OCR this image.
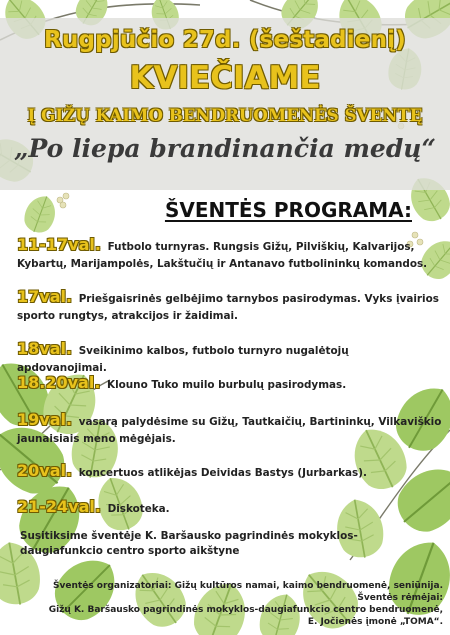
Rugpjūčio 27d. (šeštadienį)
KVIEČIAME
Į GIŽŲ KAIMO BENDRUOMENĖS ŠVENTĘ
„Po liepa brandinančia medų“
ŠVENTĖS PROGRAMA:
11-17val. Futbolo turnyras. Rungsis Gižų, Pilviškių, Kalvarijos, Kybartų, Marijampolės, Lakštučių ir Antanavo futbolininkų komandos.
17val. Priešgaisrinės gelbėjimo tarnybos pasirodymas. Vyks įvairios sporto rungtys, atrakcijos ir žaidimai.
18val. Sveikinimo kalbos, futbolo turnyro nugalėtojų apdovanojimai.
18.20val. Klouno Tuko muilo burbulų pasirodymas.
19val. vasarą palydėsime su Gižų, Tautkaičių, Bartininkų, Vilkaviškio jaunaisiais meno mėgėjais.
20val. koncertuos atlikėjas Deividas Bastys (Jurbarkas).
21-24val. Diskoteka.
Susitiksime šventėje K. Baršausko pagrindinės mokyklos-daugiafunkcio centro sporto aikštyne
Šventės organizatoriai: Gižų kultūros namai, kaimo bendruomenė, seniūnija.
Šventės rėmėjai:
Gižų K. Baršausko pagrindinės mokyklos-daugiafunkcio centro bendruomenė,
E. Jočienės įmonė „TOMA“.
